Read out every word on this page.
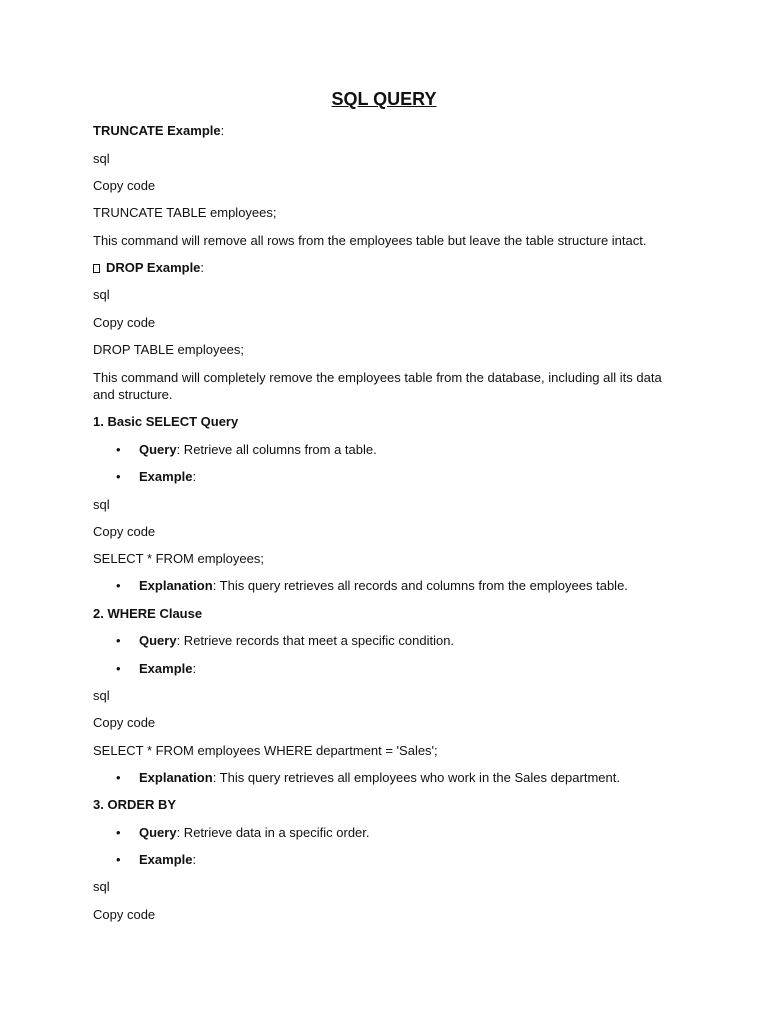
SQL QUERY
TRUNCATE Example:
sql
Copy code
TRUNCATE TABLE employees;
This command will remove all rows from the employees table but leave the table structure intact.
DROP Example:
sql
Copy code
DROP TABLE employees;
This command will completely remove the employees table from the database, including all its data and structure.
1. Basic SELECT Query
• Query: Retrieve all columns from a table.
• Example:
sql
Copy code
SELECT * FROM employees;
• Explanation: This query retrieves all records and columns from the employees table.
2. WHERE Clause
• Query: Retrieve records that meet a specific condition.
• Example:
sql
Copy code
SELECT * FROM employees WHERE department = 'Sales';
• Explanation: This query retrieves all employees who work in the Sales department.
3. ORDER BY
• Query: Retrieve data in a specific order.
• Example:
sql
Copy code
